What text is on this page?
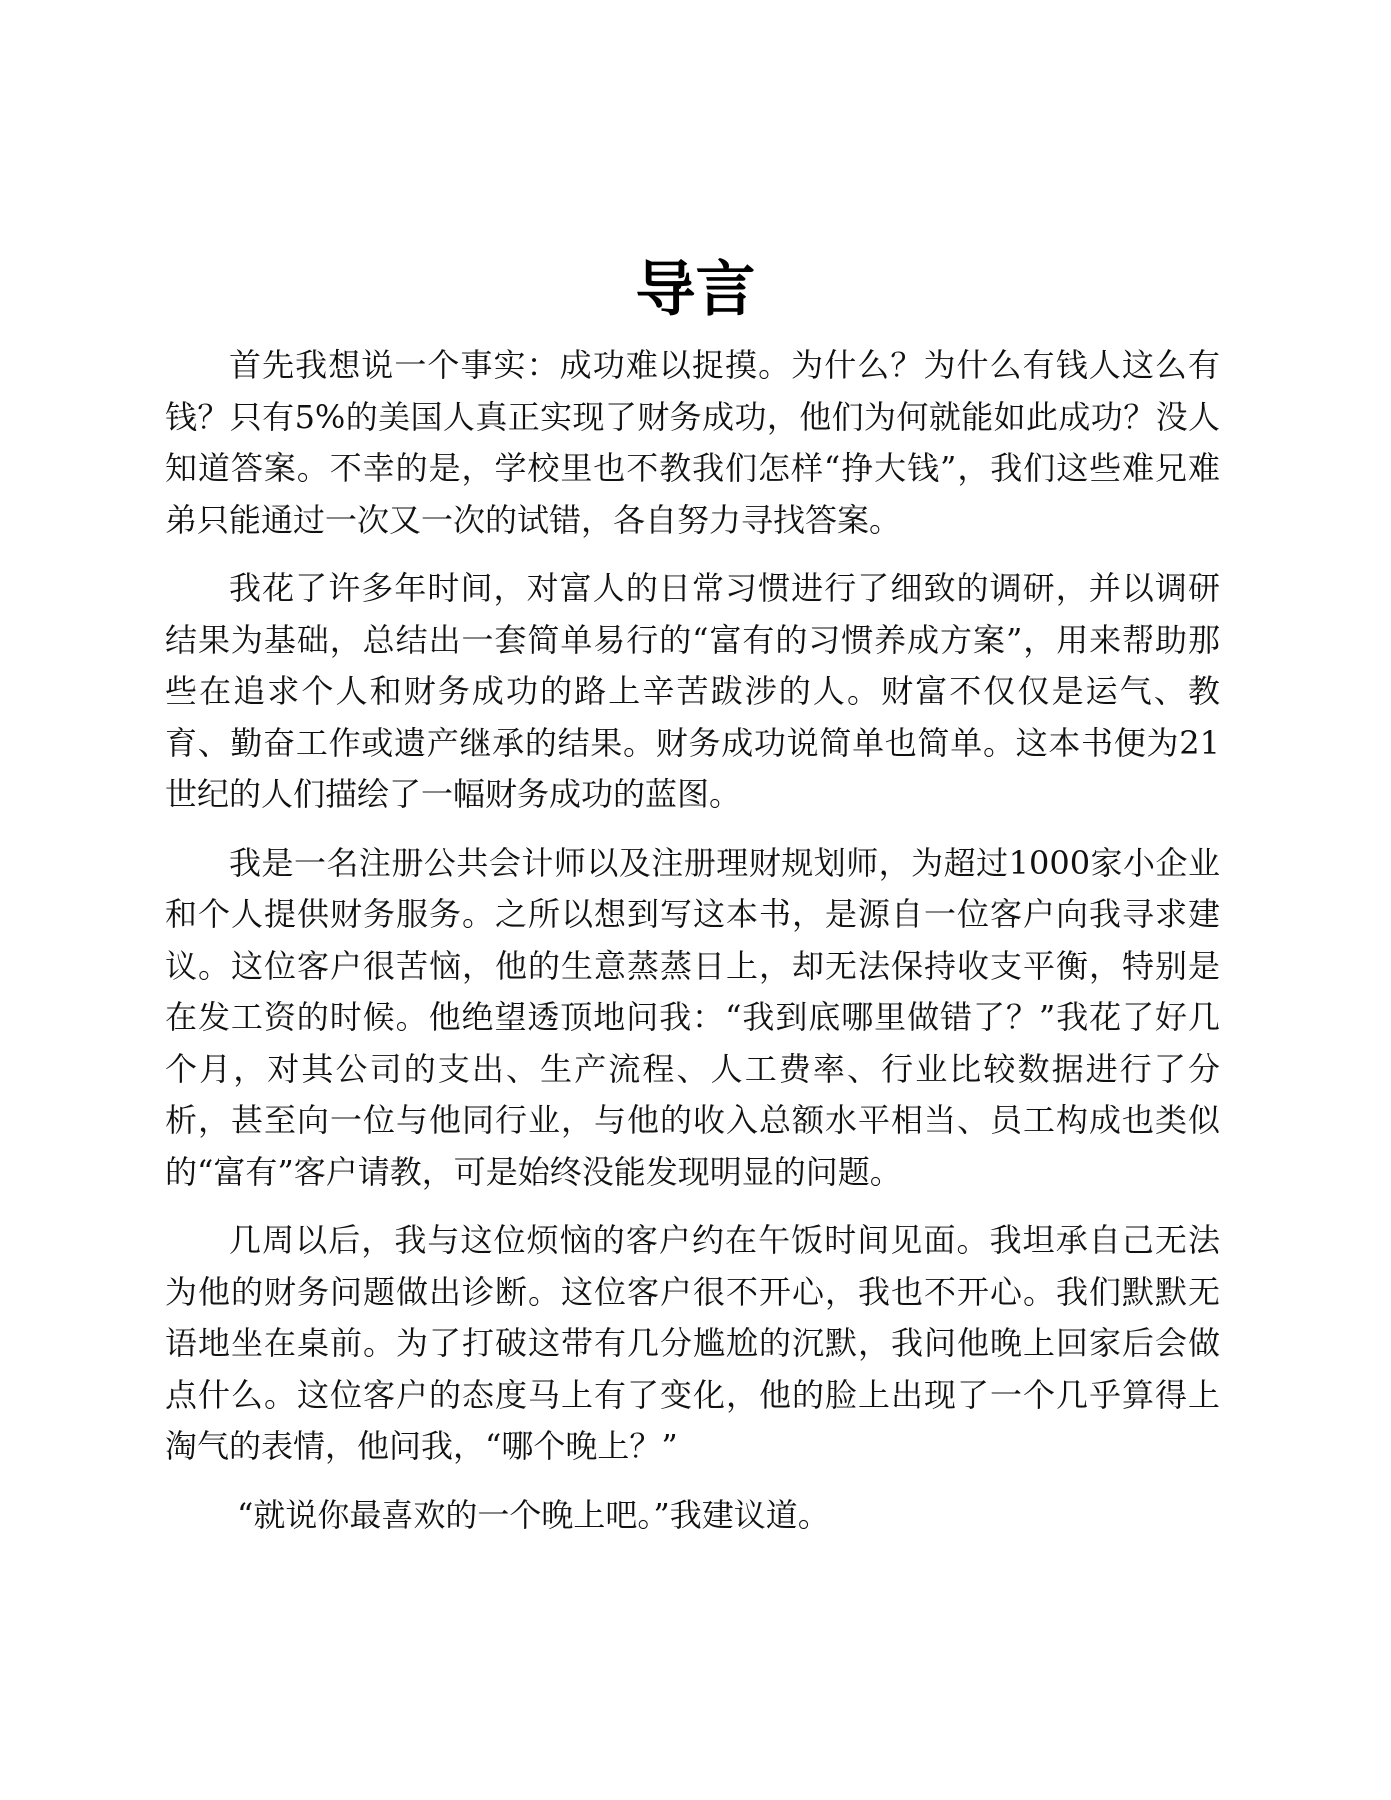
导言

首先我想说一个事实：成功难以捉摸。为什么？为什么有钱人这么有钱？只有5%的美国人真正实现了财务成功，他们为何就能如此成功？没人知道答案。不幸的是，学校里也不教我们怎样“挣大钱”，我们这些难兄难弟只能通过一次又一次的试错，各自努力寻找答案。

我花了许多年时间，对富人的日常习惯进行了细致的调研，并以调研结果为基础，总结出一套简单易行的“富有的习惯养成方案”，用来帮助那些在追求个人和财务成功的路上辛苦跋涉的人。财富不仅仅是运气、教育、勤奋工作或遗产继承的结果。财务成功说简单也简单。这本书便为21世纪的人们描绘了一幅财务成功的蓝图。

我是一名注册公共会计师以及注册理财规划师，为超过1000家小企业和个人提供财务服务。之所以想到写这本书，是源自一位客户向我寻求建议。这位客户很苦恼，他的生意蒸蒸日上，却无法保持收支平衡，特别是在发工资的时候。他绝望透顶地问我：“我到底哪里做错了？”我花了好几个月，对其公司的支出、生产流程、人工费率、行业比较数据进行了分析，甚至向一位与他同行业，与他的收入总额水平相当、员工构成也类似的“富有”客户请教，可是始终没能发现明显的问题。

几周以后，我与这位烦恼的客户约在午饭时间见面。我坦承自己无法为他的财务问题做出诊断。这位客户很不开心，我也不开心。我们默默无语地坐在桌前。为了打破这带有几分尴尬的沉默，我问他晚上回家后会做点什么。这位客户的态度马上有了变化，他的脸上出现了一个几乎算得上淘气的表情，他问我，“哪个晚上？”

“就说你最喜欢的一个晚上吧。”我建议道。
